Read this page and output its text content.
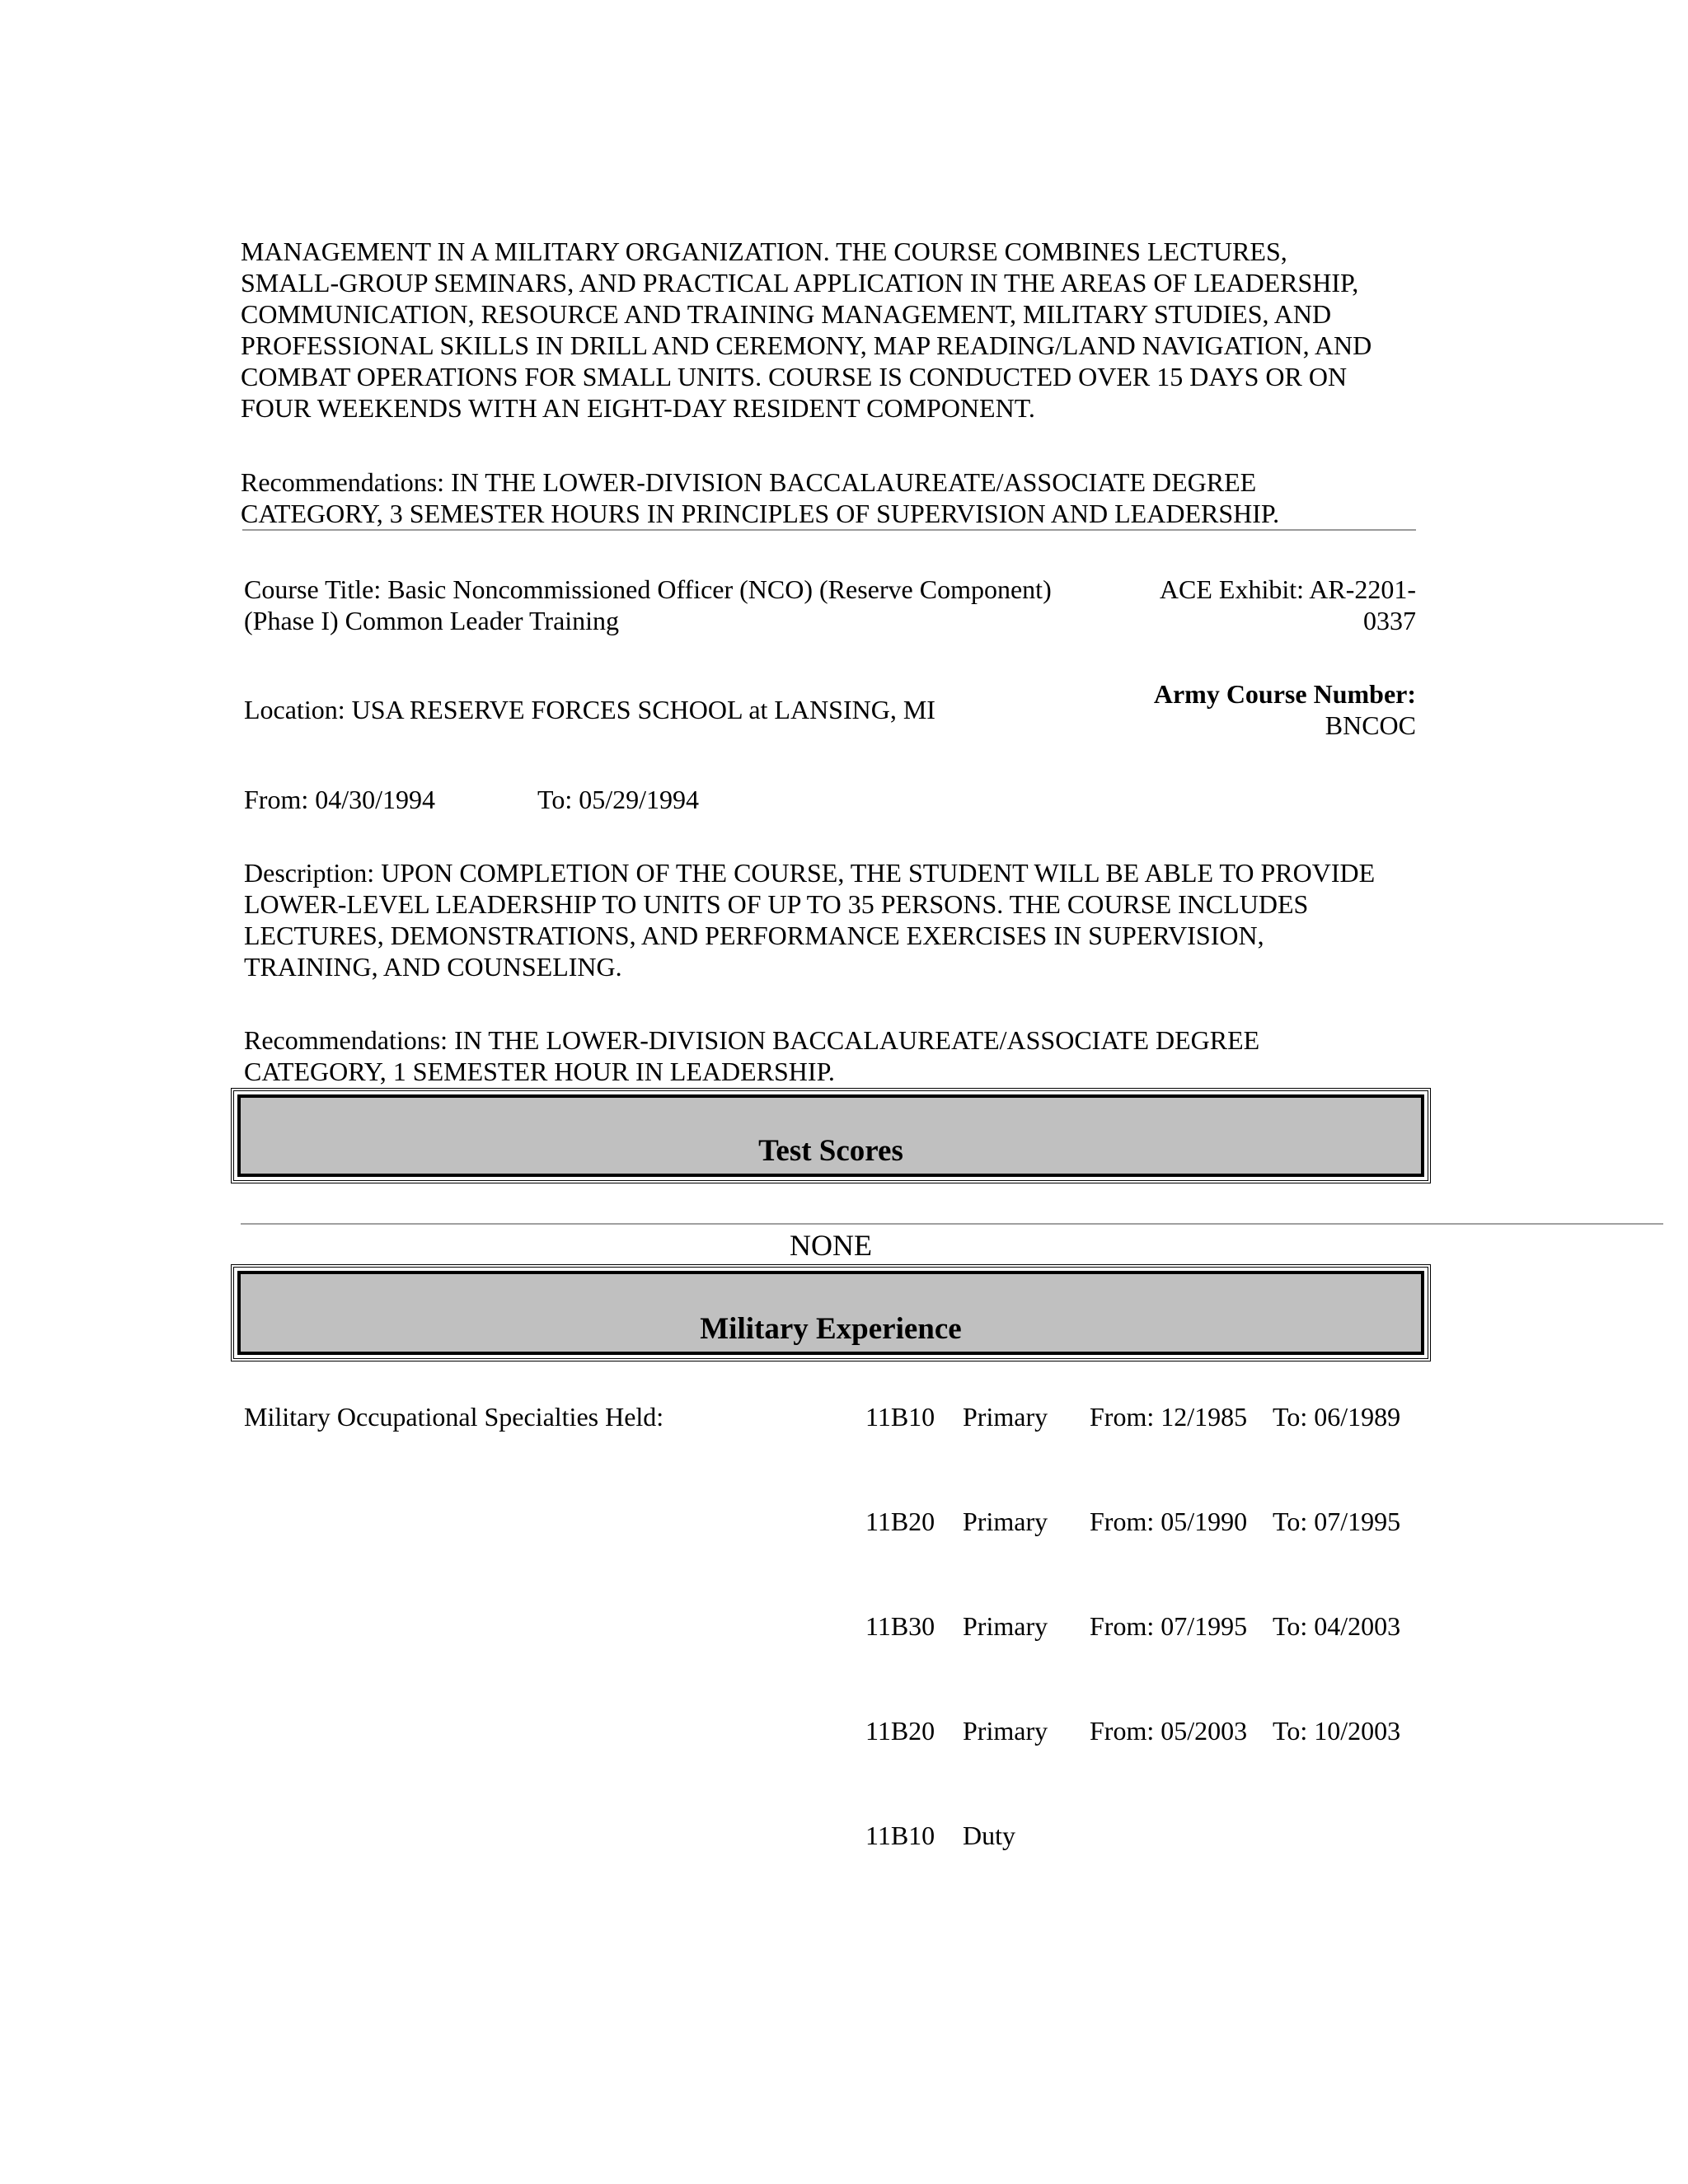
MANAGEMENT IN A MILITARY ORGANIZATION. THE COURSE COMBINES LECTURES,
SMALL-GROUP SEMINARS, AND PRACTICAL APPLICATION IN THE AREAS OF LEADERSHIP,
COMMUNICATION, RESOURCE AND TRAINING MANAGEMENT, MILITARY STUDIES, AND
PROFESSIONAL SKILLS IN DRILL AND CEREMONY, MAP READING/LAND NAVIGATION, AND
COMBAT OPERATIONS FOR SMALL UNITS. COURSE IS CONDUCTED OVER 15 DAYS OR ON
FOUR WEEKENDS WITH AN EIGHT-DAY RESIDENT COMPONENT.
Recommendations: IN THE LOWER-DIVISION BACCALAUREATE/ASSOCIATE DEGREE
CATEGORY, 3 SEMESTER HOURS IN PRINCIPLES OF SUPERVISION AND LEADERSHIP.
Course Title: Basic Noncommissioned Officer (NCO) (Reserve Component)
(Phase I) Common Leader Training
ACE Exhibit: AR-2201-
0337
Location: USA RESERVE FORCES SCHOOL at LANSING, MI
Army Course Number:
BNCOC
From: 04/30/1994	To: 05/29/1994
Description: UPON COMPLETION OF THE COURSE, THE STUDENT WILL BE ABLE TO PROVIDE
LOWER-LEVEL LEADERSHIP TO UNITS OF UP TO 35 PERSONS. THE COURSE INCLUDES
LECTURES, DEMONSTRATIONS, AND PERFORMANCE EXERCISES IN SUPERVISION,
TRAINING, AND COUNSELING.
Recommendations: IN THE LOWER-DIVISION BACCALAUREATE/ASSOCIATE DEGREE
CATEGORY, 1 SEMESTER HOUR IN LEADERSHIP.
Test Scores
NONE
Military Experience
Military Occupational Specialties Held:	11B10 Primary From: 12/1985 To: 06/1989
11B20 Primary From: 05/1990 To: 07/1995
11B30 Primary From: 07/1995 To: 04/2003
11B20 Primary From: 05/2003 To: 10/2003
11B10 Duty
